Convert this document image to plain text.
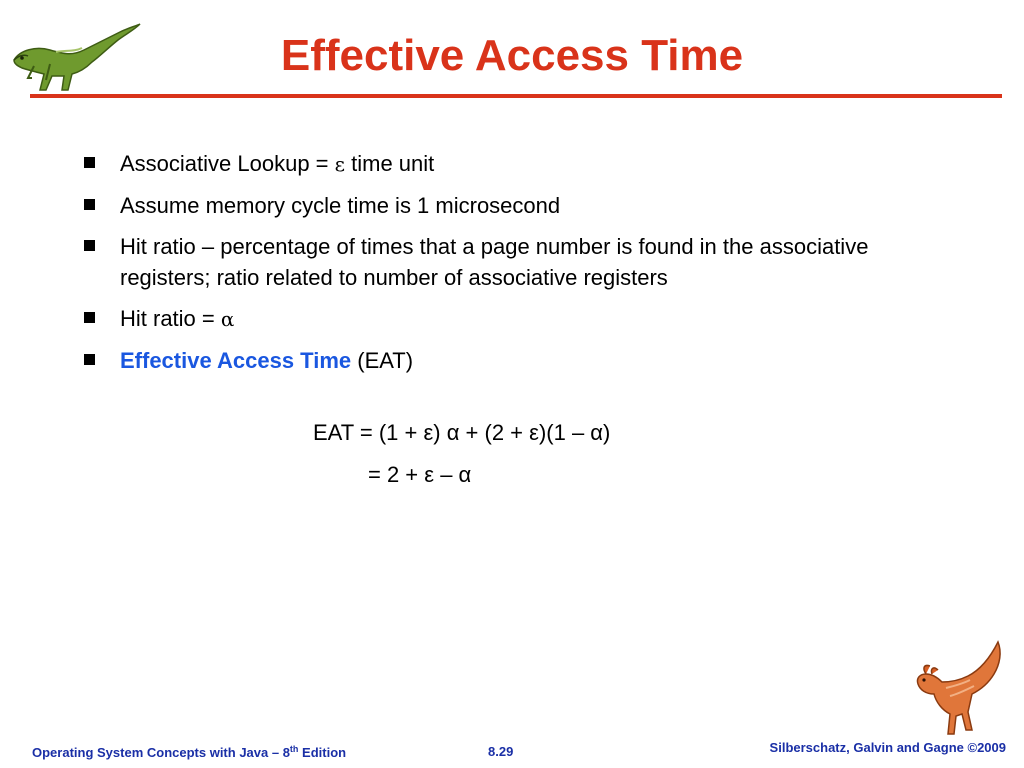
Effective Access Time
Associative Lookup = ε time unit
Assume memory cycle time is 1 microsecond
Hit ratio – percentage of times that a page number is found in the associative registers; ratio related to number of associative registers
Hit ratio = α
Effective Access Time (EAT)
EAT = (1 + ε) α + (2 + ε)(1 – α)
= 2 + ε – α
Operating System Concepts with Java – 8th Edition	8.29	Silberschatz, Galvin and Gagne ©2009
